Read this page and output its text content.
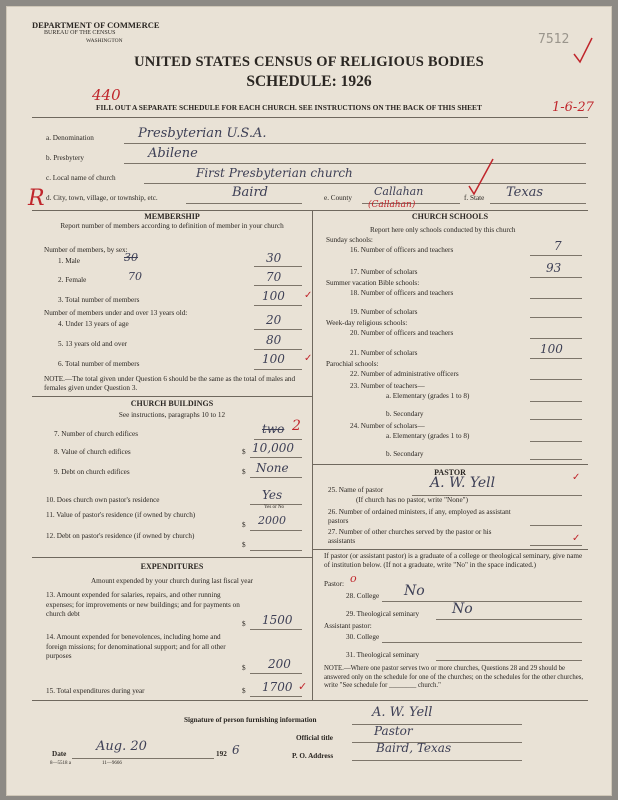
DEPARTMENT OF COMMERCE
BUREAU OF THE CENSUS
WASHINGTON	7512
UNITED STATES CENSUS OF RELIGIOUS BODIES
SCHEDULE: 1926
440
FILL OUT A SEPARATE SCHEDULE FOR EACH CHURCH. SEE INSTRUCTIONS ON THE BACK OF THIS SHEET	1-6-27
a. Denomination	Presbyterian U.S.A.
b. Presbytery	Abilene
c. Local name of church	First Presbyterian church
R d. City, town, village, or township, etc.	Baird	e. County Callahan
(Callahan)
f. State Texas
MEMBERSHIP
Report number of members according to definition of member in your church
Number of members, by sex:
1. Male	30	30
2. Female	70	70
3. Total number of members	100 ✓
Number of members under and over 13 years old:
4. Under 13 years of age	20
5. 13 years old and over	80
6. Total number of members	100 ✓
NOTE.—The total given under Question 6 should be the same as the total of males and females given under Question 3.
CHURCH BUILDINGS
See instructions, paragraphs 10 to 12
7. Number of church edifices	two 2
8. Value of church edifices	$ 10,000
9. Debt on church edifices	$ None
10. Does church own pastor's residence	Yes
Yes or No
11. Value of pastor's residence (if owned by church)
$ 2000
12. Debt on pastor's residence (if owned by church)
$
EXPENDITURES
Amount expended by your church during last fiscal year
13. Amount expended for salaries, repairs, and other running expenses; for improvements or new buildings; and for payments on church debt
$ 1500
14. Amount expended for benevolences, including home and foreign missions; for denominational support; and for all other purposes
$ 200
15. Total expenditures during year	$ 1700 ✓
CHURCH SCHOOLS
Report here only schools conducted by this church
Sunday schools:
16. Number of officers and teachers	7
17. Number of scholars	93
Summer vacation Bible schools:
18. Number of officers and teachers
19. Number of scholars
Week-day religious schools:
20. Number of officers and teachers
21. Number of scholars	100
Parochial schools:
22. Number of administrative officers
23. Number of teachers—
a. Elementary (grades 1 to 8)
b. Secondary
24. Number of scholars—
a. Elementary (grades 1 to 8)
b. Secondary
PASTOR
25. Name of pastor	A. W. Yell	✓
(If church has no pastor, write "None")
26. Number of ordained ministers, if any, employed as assistant pastors
27. Number of other churches served by the pastor or his assistants	✓
If pastor (or assistant pastor) is a graduate of a college or theological seminary, give name of institution below. (If not a graduate, write "No" in the space indicated.)
Pastor: o
28. College No
29. Theological seminary No
Assistant pastor:
30. College
31. Theological seminary
NOTE.—Where one pastor serves two or more churches, Questions 28 and 29 should be answered only on the schedule for one of the churches; on the schedules for the other churches, write "See schedule for ________ church."
Signature of person furnishing information	A. W. Yell
Official title	Pastor
Date Aug. 20	192 6	P. O. Address
Baird, Texas
8—5518 a	11—9666
